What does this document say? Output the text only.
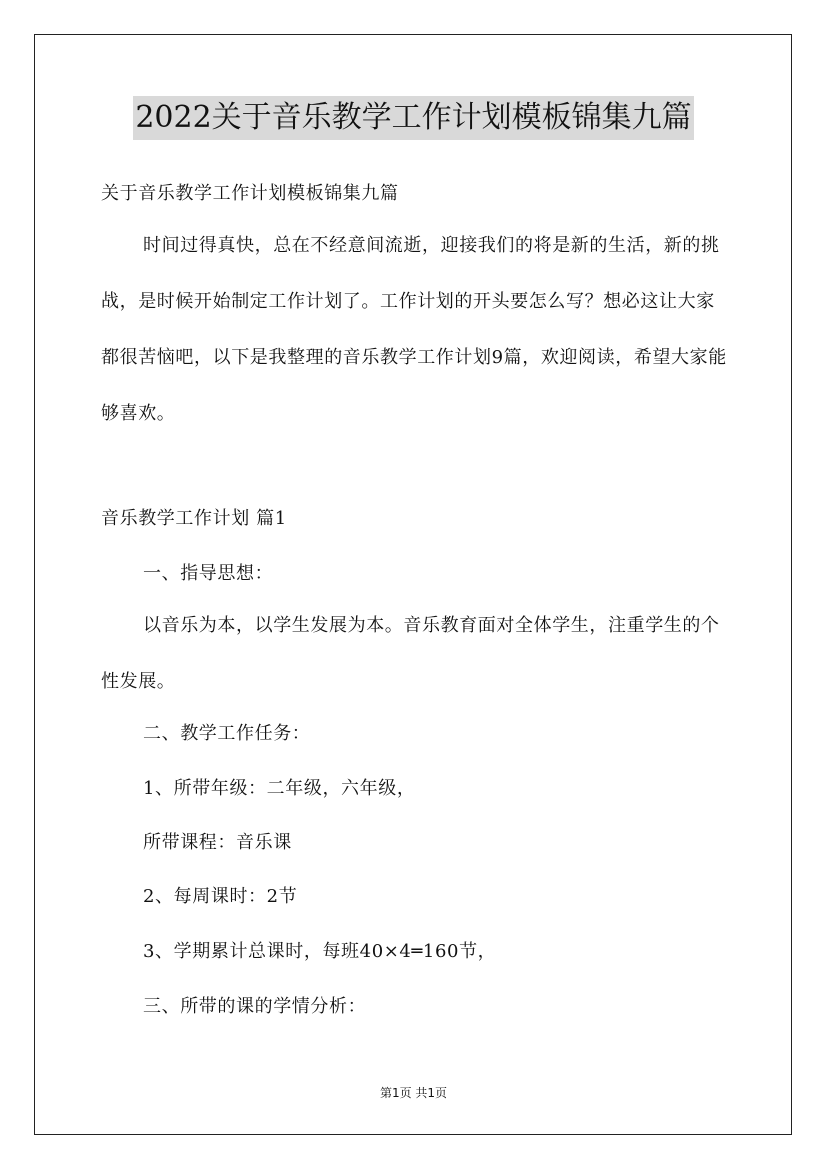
2022关于音乐教学工作计划模板锦集九篇
关于音乐教学工作计划模板锦集九篇

时间过得真快，总在不经意间流逝，迎接我们的将是新的生活，新的挑战，是时候开始制定工作计划了。工作计划的开头要怎么写？想必这让大家都很苦恼吧，以下是我整理的音乐教学工作计划9篇，欢迎阅读，希望大家能够喜欢。

音乐教学工作计划 篇1
一、指导思想：

以音乐为本，以学生发展为本。音乐教育面对全体学生，注重学生的个性发展。

二、教学工作任务：
1、所带年级：二年级，六年级，
所带课程：音乐课
2、每周课时：2节
3、学期累计总课时，每班40×4═160节，
三、所带的课的学情分析：
第1页 共1页
